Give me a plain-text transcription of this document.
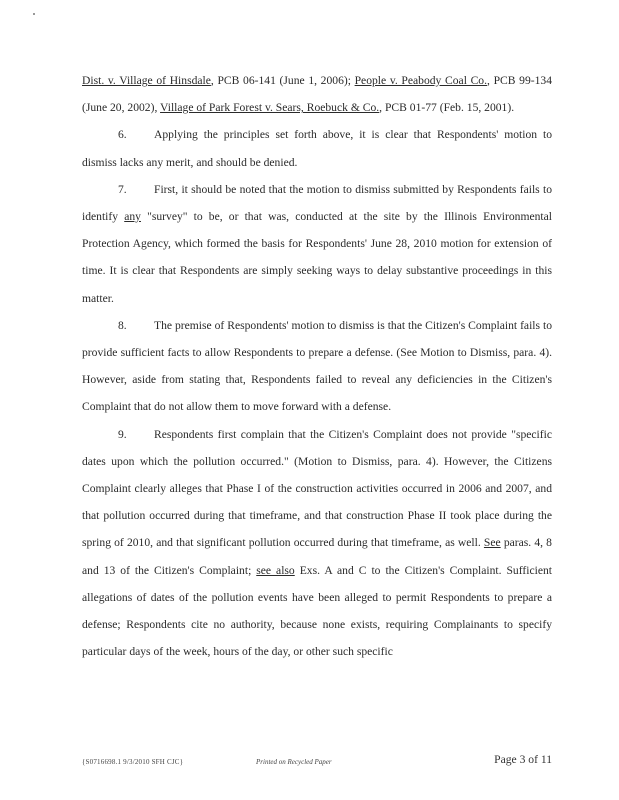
Dist. v. Village of Hinsdale, PCB 06-141 (June 1, 2006); People v. Peabody Coal Co., PCB 99-134 (June 20, 2002), Village of Park Forest v. Sears, Roebuck & Co., PCB 01-77 (Feb. 15, 2001).

6. Applying the principles set forth above, it is clear that Respondents' motion to dismiss lacks any merit, and should be denied.

7. First, it should be noted that the motion to dismiss submitted by Respondents fails to identify any "survey" to be, or that was, conducted at the site by the Illinois Environmental Protection Agency, which formed the basis for Respondents' June 28, 2010 motion for extension of time. It is clear that Respondents are simply seeking ways to delay substantive proceedings in this matter.

8. The premise of Respondents' motion to dismiss is that the Citizen's Complaint fails to provide sufficient facts to allow Respondents to prepare a defense. (See Motion to Dismiss, para. 4). However, aside from stating that, Respondents failed to reveal any deficiencies in the Citizen's Complaint that do not allow them to move forward with a defense.

9. Respondents first complain that the Citizen's Complaint does not provide "specific dates upon which the pollution occurred." (Motion to Dismiss, para. 4). However, the Citizens Complaint clearly alleges that Phase I of the construction activities occurred in 2006 and 2007, and that pollution occurred during that timeframe, and that construction Phase II took place during the spring of 2010, and that significant pollution occurred during that timeframe, as well. See paras. 4, 8 and 13 of the Citizen's Complaint; see also Exs. A and C to the Citizen's Complaint. Sufficient allegations of dates of the pollution events have been alleged to permit Respondents to prepare a defense; Respondents cite no authority, because none exists, requiring Complainants to specify particular days of the week, hours of the day, or other such specific

{S0716698.1 9/3/2010 SFH CJC}	Printed on Recycled Paper	Page 3 of 11
